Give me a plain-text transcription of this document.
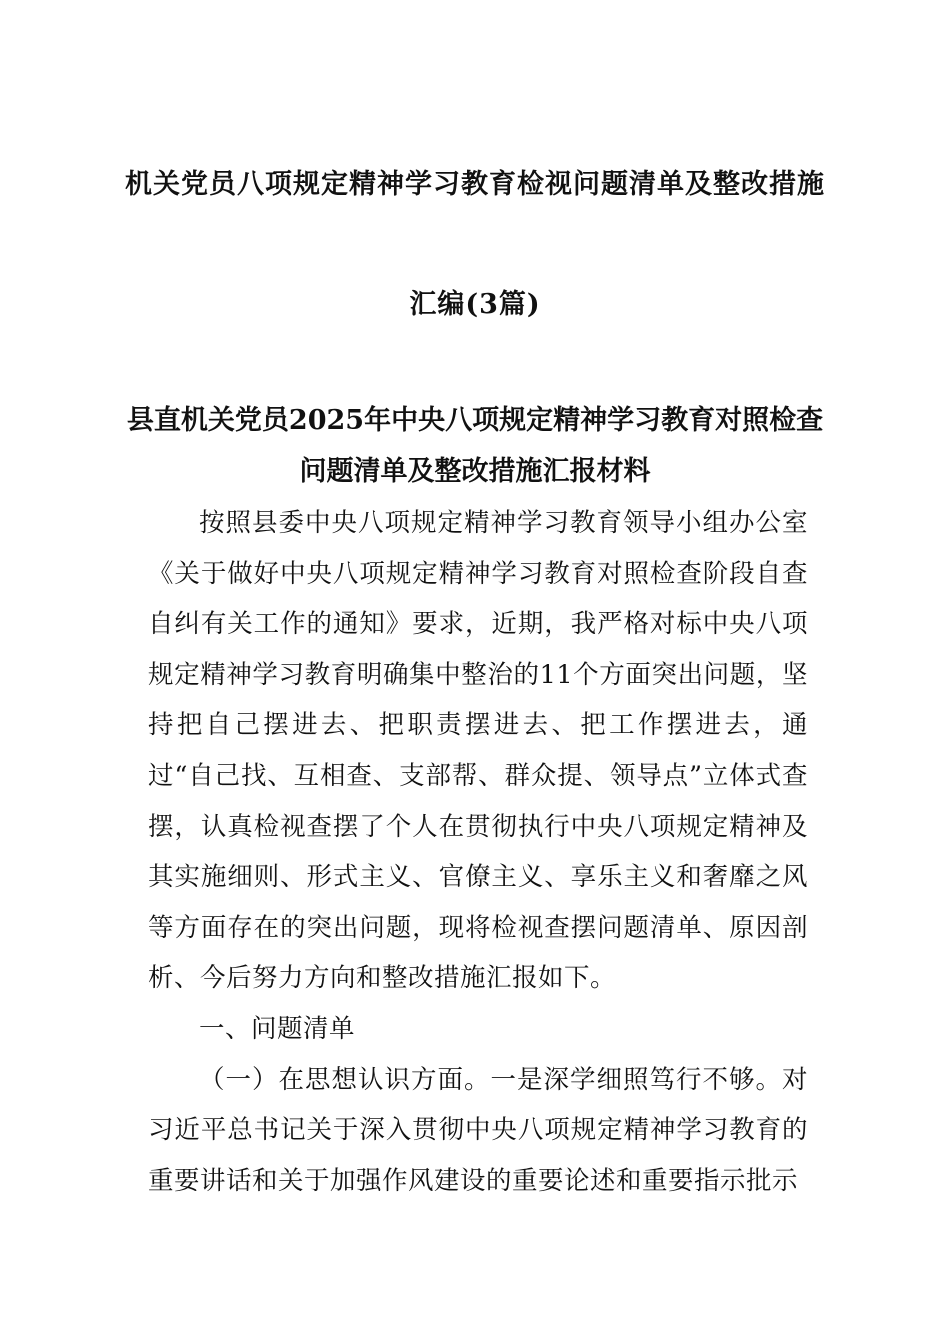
机关党员八项规定精神学习教育检视问题清单及整改措施
汇编(3篇)
县直机关党员2025年中央八项规定精神学习教育对照检查
问题清单及整改措施汇报材料

按照县委中央八项规定精神学习教育领导小组办公室《关于做好中央八项规定精神学习教育对照检查阶段自查自纠有关工作的通知》要求，近期，我严格对标中央八项规定精神学习教育明确集中整治的11个方面突出问题，坚持把自己摆进去、把职责摆进去、把工作摆进去，通过“自己找、互相查、支部帮、群众提、领导点”立体式查摆，认真检视查摆了个人在贯彻执行中央八项规定精神及其实施细则、形式主义、官僚主义、享乐主义和奢靡之风等方面存在的突出问题，现将检视查摆问题清单、原因剖析、今后努力方向和整改措施汇报如下。

一、问题清单

（一）在思想认识方面。一是深学细照笃行不够。对习近平总书记关于深入贯彻中央八项规定精神学习教育的重要讲话和关于加强作风建设的重要论述和重要指示批示
